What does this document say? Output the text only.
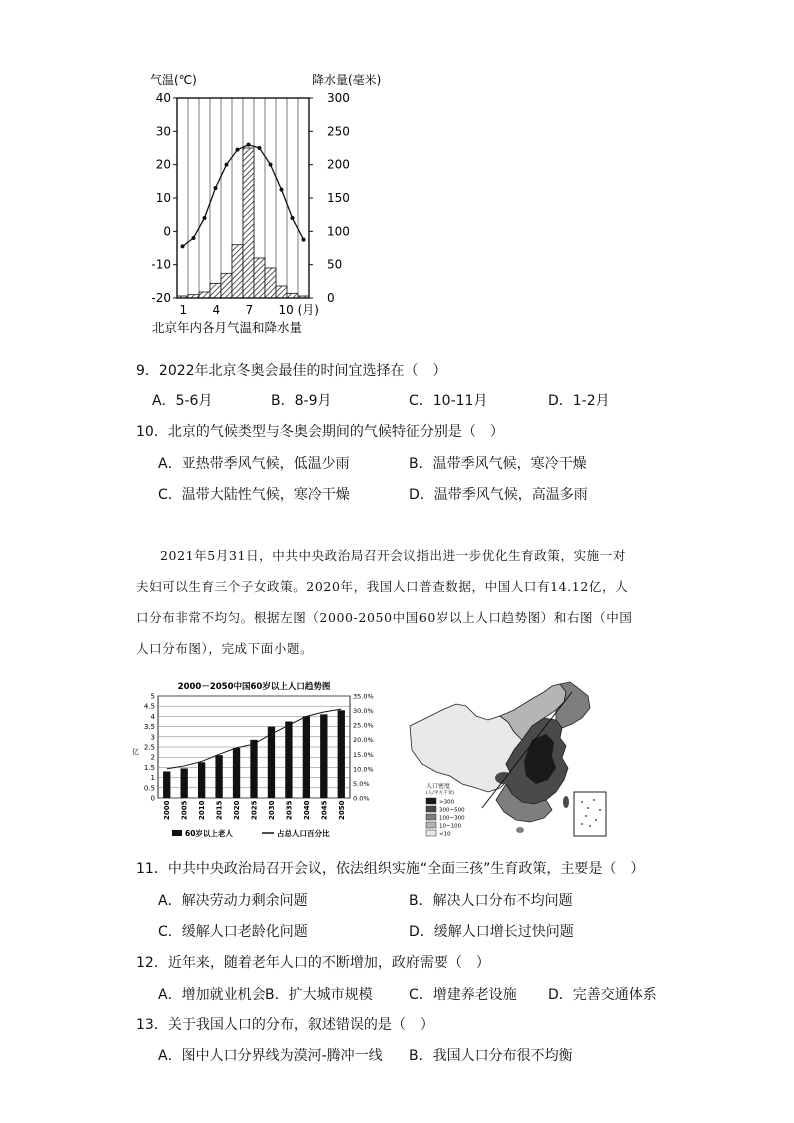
气温(℃)	降水量(毫米)
40
30
20
10
0
-10
-20
300
250
200
150
100
50
0
1 4 7 10 (月)
北京年内各月气温和降水量
9．2022年北京冬奥会最佳的时间宜选择在（　）
A．5-6月	B．8-9月	C．10-11月	D．1-2月
10．北京的气候类型与冬奥会期间的气候特征分别是（　）
A．亚热带季风气候，低温少雨	B．温带季风气候，寒冷干燥
C．温带大陆性气候，寒冷干燥	D．温带季风气候，高温多雨
2021年5月31日，中共中央政治局召开会议指出进一步优化生育政策，实施一对
夫妇可以生育三个子女政策。2020年，我国人口普查数据，中国人口有14.12亿，人
口分布非常不均匀。根据左图（2000-2050中国60岁以上人口趋势图）和右图（中国
人口分布图），完成下面小题。
2000－2050中国60岁以上人口趋势图
亿
5
4.5
4
3.5
3
2.5
2
1.5
1
0.5
0
35.0%
30.0%
25.0%
20.0%
15.0%
10.0%
5.0%
0.0%
2000 2005 2010 2015 2020 2025 2030 2035 2040 2045 2050
60岁以上老人	占总人口百分比
人口密度
(人/平方千米)
>300
300~500
100~300
10~100
<10
11．中共中央政治局召开会议，依法组织实施“全面三孩”生育政策，主要是（　）
A．解决劳动力剩余问题	B．解决人口分布不均问题
C．缓解人口老龄化问题	D．缓解人口增长过快问题
12．近年来，随着老年人口的不断增加，政府需要（　）
A．增加就业机会 B．扩大城市规模	C．增建养老设施 D．完善交通体系
13．关于我国人口的分布，叙述错误的是（　）
A．图中人口分界线为漠河-腾冲一线 B．我国人口分布很不均衡
